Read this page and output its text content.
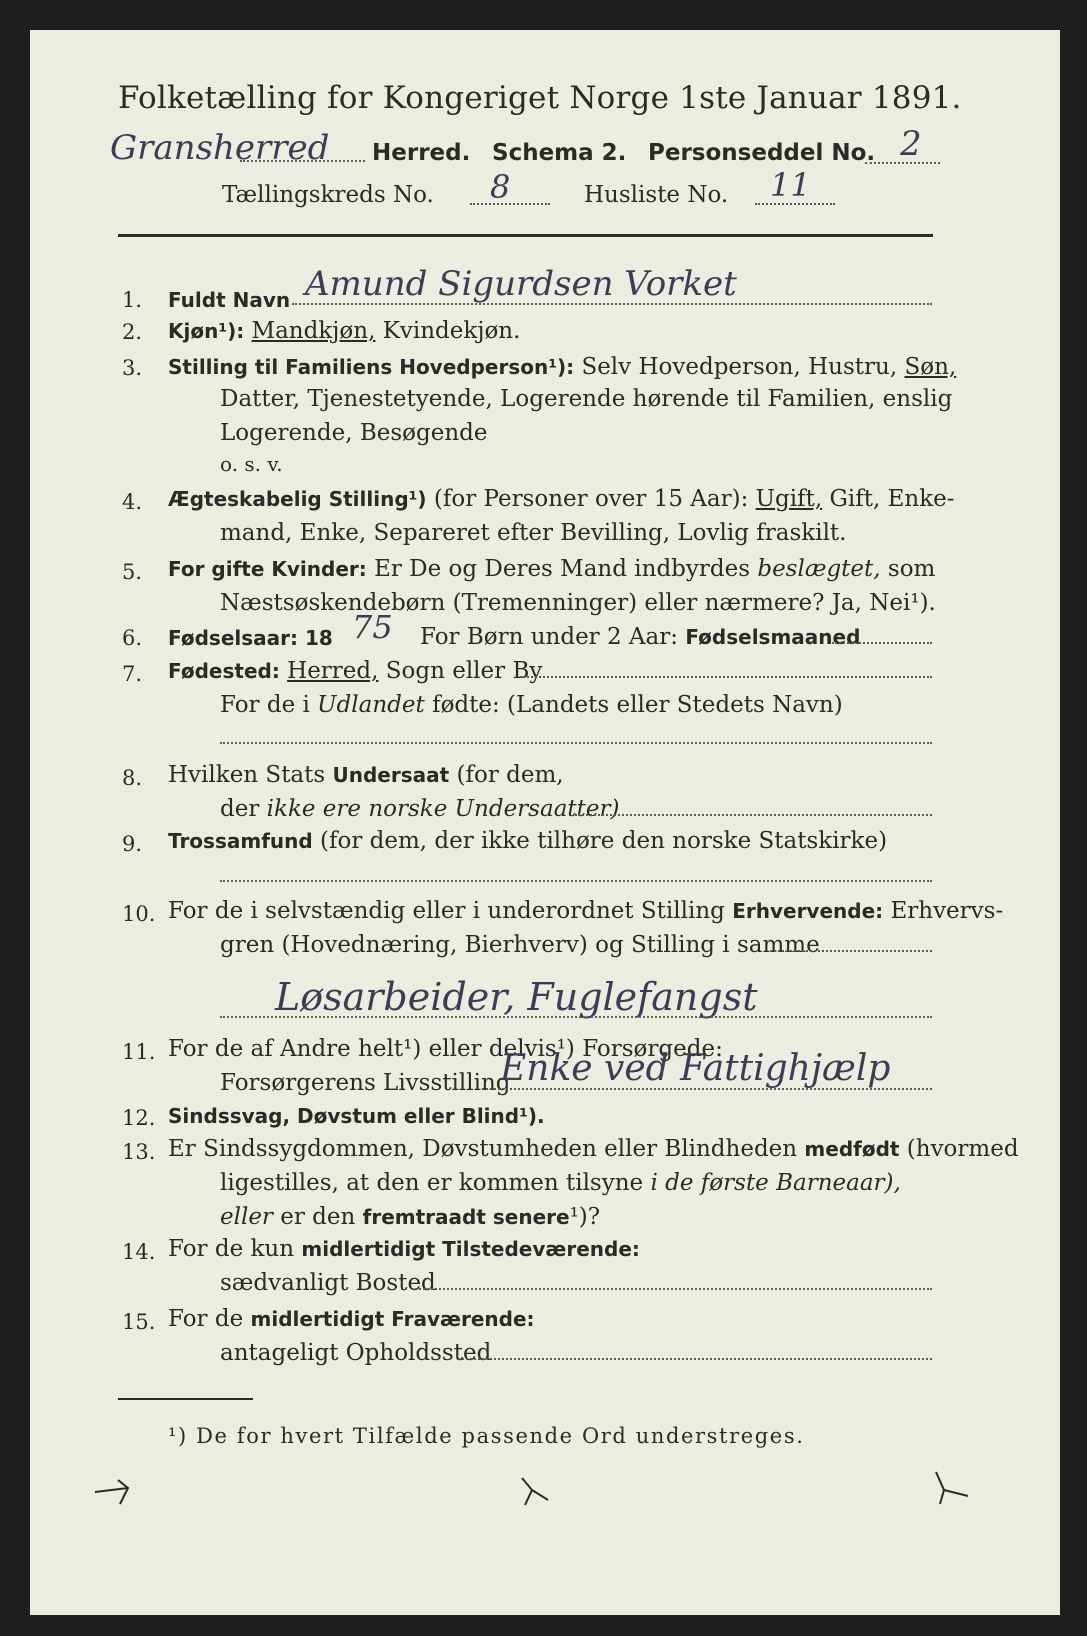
Folketælling for Kongeriget Norge 1ste Januar 1891.
Gransherred Herred. Schema 2. Personseddel No. 2
Tællingskreds No. 8	Husliste No. 11
1. Fuldt Navn Amund Sigurdsen Vorket
2. Kjøn¹): Mandkjøn, Kvindekjøn.
3. Stilling til Familiens Hovedperson¹): Selv Hovedperson, Hustru, Søn,
Datter, Tjenestetyende, Logerende hørende til Familien, enslig
Logerende, Besøgende
o. s. v.
4. Ægteskabelig Stilling¹) (for Personer over 15 Aar): Ugift, Gift, Enke-
mand, Enke, Separeret efter Bevilling, Lovlig fraskilt.
5. For gifte Kvinder: Er De og Deres Mand indbyrdes beslægtet, som
Næstsøskendebørn (Tremenninger) eller nærmere? Ja, Nei¹).
6. Fødselsaar: 18 75 For Børn under 2 Aar: Fødselsmaaned
7. Fødested: Herred, Sogn eller By
For de i Udlandet fødte: (Landets eller Stedets Navn)
8. Hvilken Stats Undersaat (for dem,
der ikke ere norske Undersaatter)
9. Trossamfund (for dem, der ikke tilhøre den norske Statskirke)
10. For de i selvstændig eller i underordnet Stilling Erhvervende: Erhvervs-
gren (Hovednæring, Bierhverv) og Stilling i samme
Løsarbeider, Fuglefangst
11. For de af Andre helt¹) eller delvis¹) Forsørgede:
Forsørgerens Livsstilling
Enke ved Fattighjælp
12. Sindssvag, Døvstum eller Blind¹).
13. Er Sindssygdommen, Døvstumheden eller Blindheden medfødt (hvormed
ligestilles, at den er kommen tilsyne i de første Barneaar),
eller er den fremtraadt senere¹)?
14. For de kun midlertidigt Tilstedeværende:
sædvanligt Bosted
15. For de midlertidigt Fraværende:
antageligt Opholdssted
¹) De for hvert Tilfælde passende Ord understreges.
